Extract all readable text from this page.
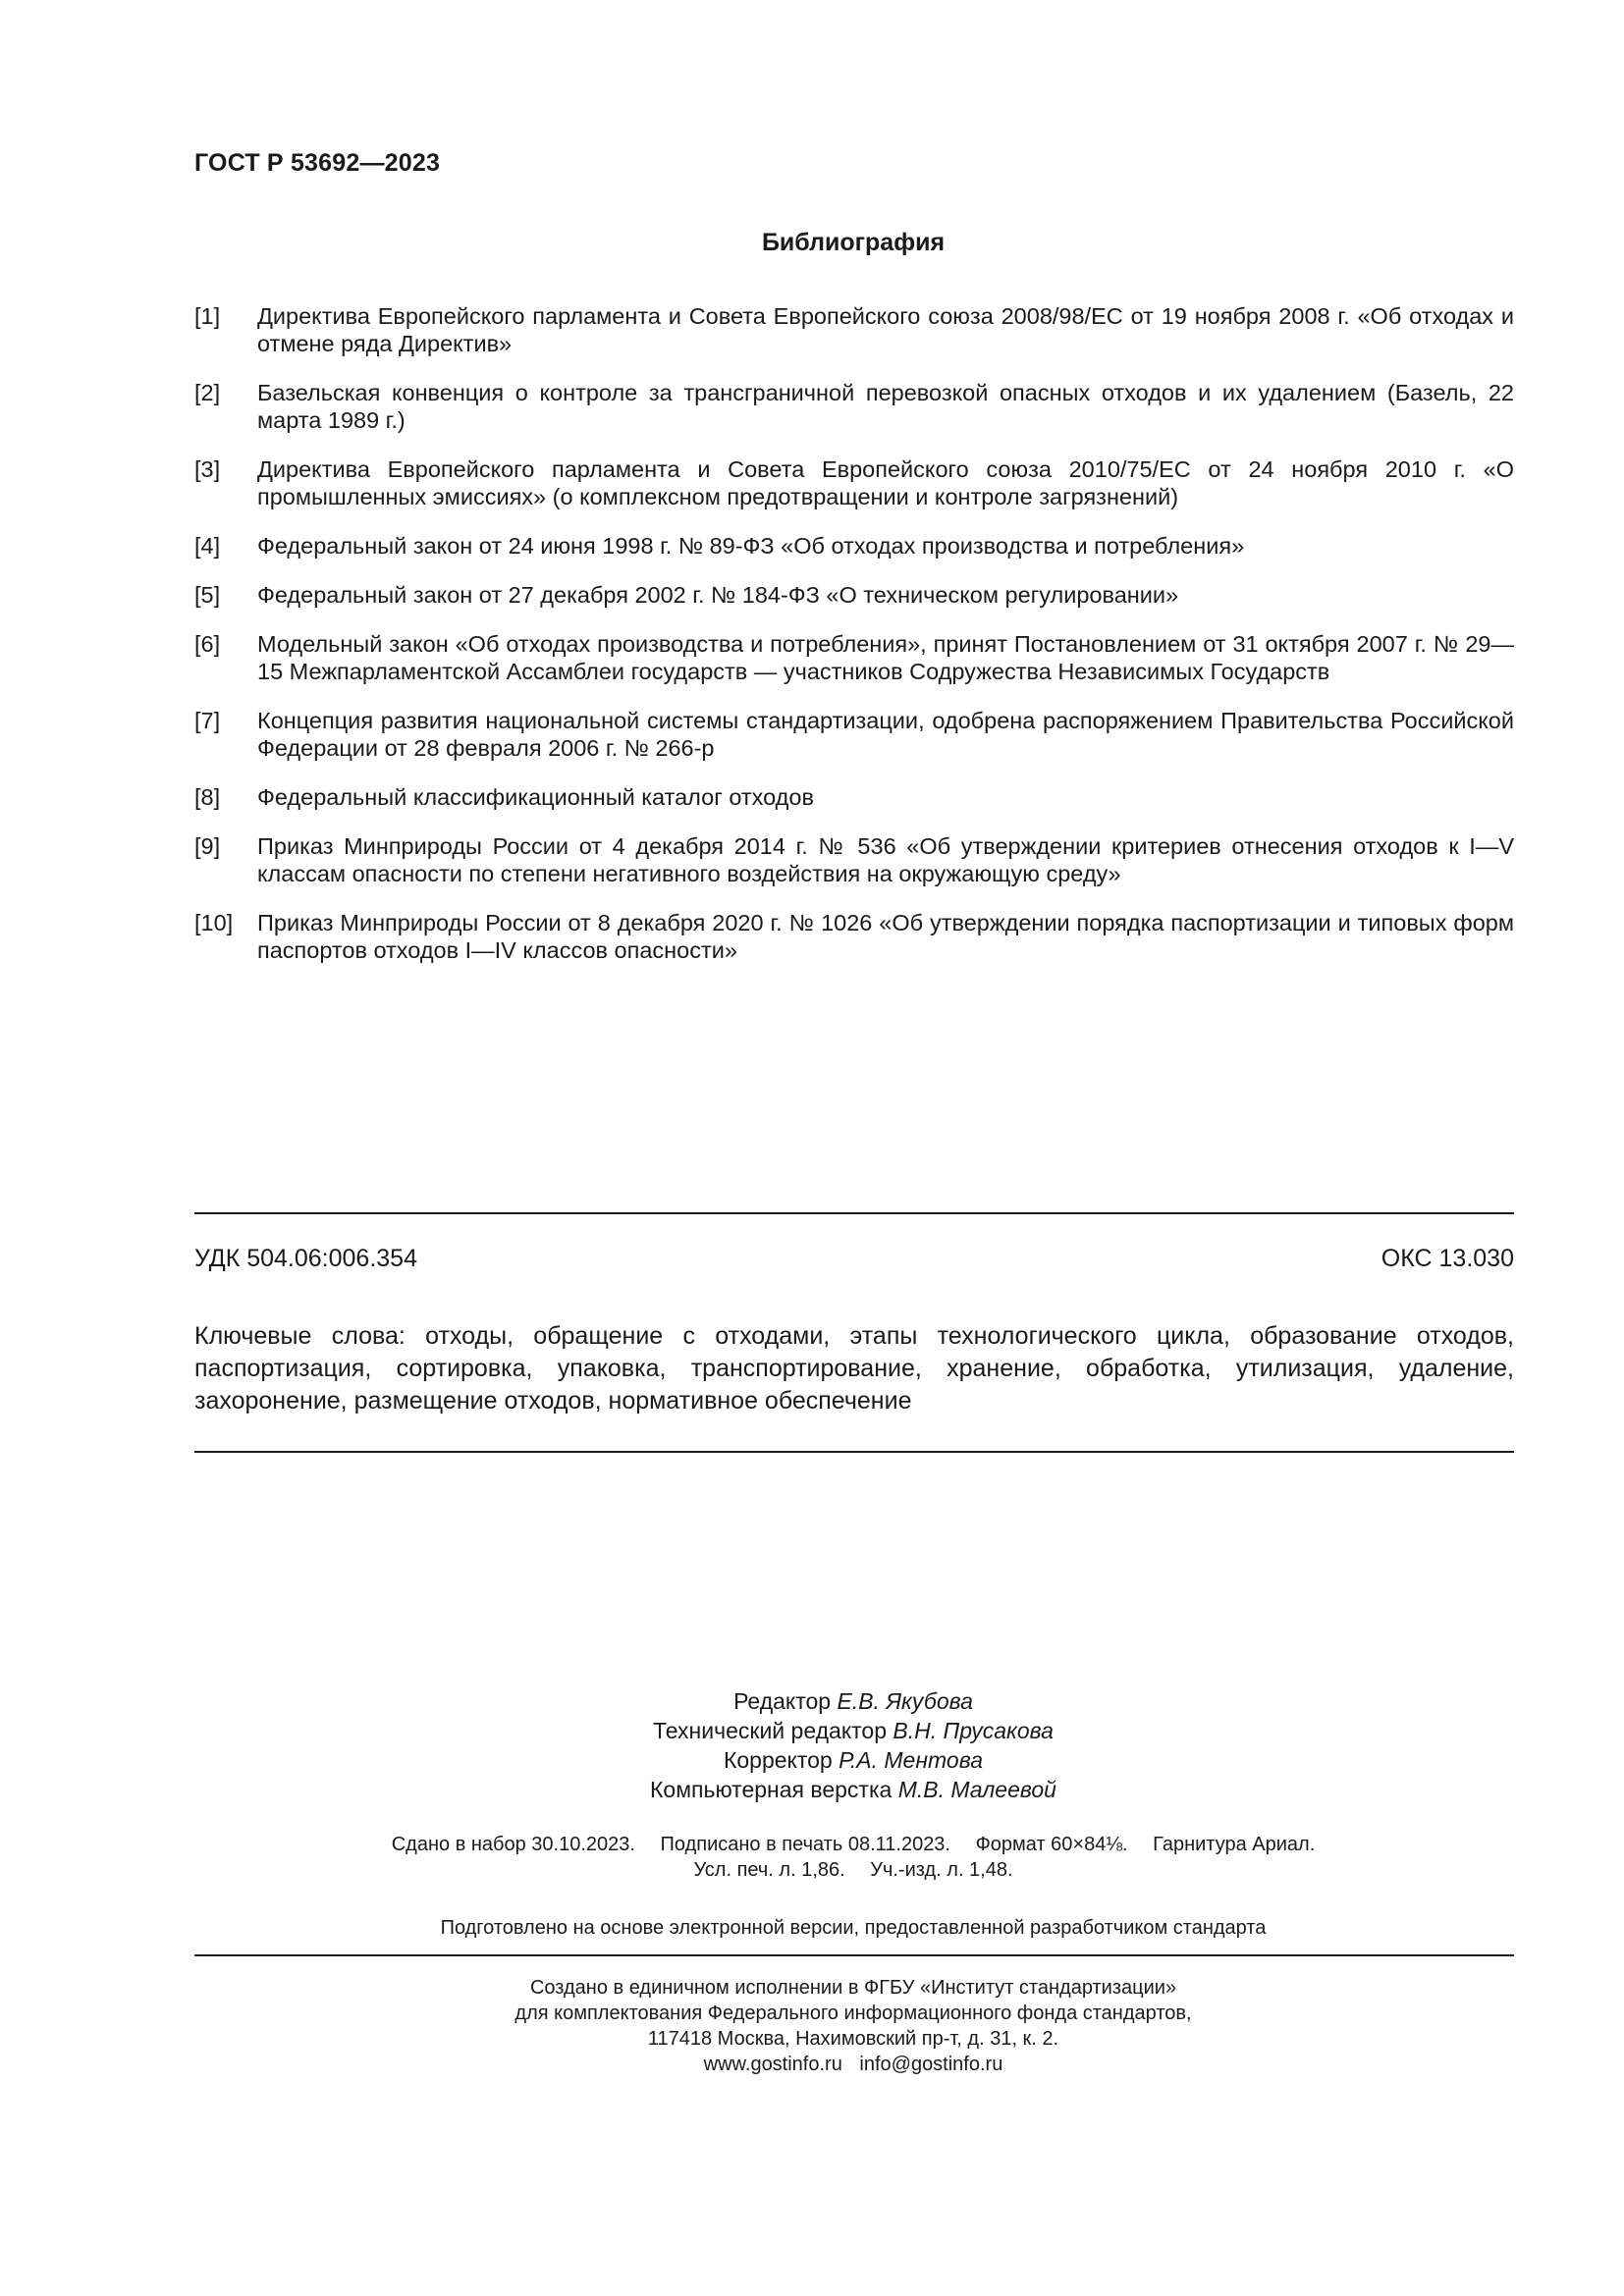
ГОСТ Р 53692—2023
Библиография
[1]	Директива Европейского парламента и Совета Европейского союза 2008/98/ЕС от 19 ноября 2008 г. «Об отходах и отмене ряда Директив»
[2]	Базельская конвенция о контроле за трансграничной перевозкой опасных отходов и их удалением (Базель, 22 марта 1989 г.)
[3]	Директива Европейского парламента и Совета Европейского союза 2010/75/ЕС от 24 ноября 2010 г. «О промышленных эмиссиях» (о комплексном предотвращении и контроле загрязнений)
[4]	Федеральный закон от 24 июня 1998 г. № 89-ФЗ «Об отходах производства и потребления»
[5]	Федеральный закон от 27 декабря 2002 г. № 184-ФЗ «О техническом регулировании»
[6]	Модельный закон «Об отходах производства и потребления», принят Постановлением от 31 октября 2007 г. № 29—15 Межпарламентской Ассамблеи государств — участников Содружества Независимых Государств
[7]	Концепция развития национальной системы стандартизации, одобрена распоряжением Правительства Российской Федерации от 28 февраля 2006 г. № 266-р
[8]	Федеральный классификационный каталог отходов
[9]	Приказ Минприроды России от 4 декабря 2014 г. № 536 «Об утверждении критериев отнесения отходов к I—V классам опасности по степени негативного воздействия на окружающую среду»
[10]	Приказ Минприроды России от 8 декабря 2020 г. № 1026 «Об утверждении порядка паспортизации и типовых форм паспортов отходов I—IV классов опасности»
УДК 504.06:006.354	ОКС 13.030
Ключевые слова: отходы, обращение с отходами, этапы технологического цикла, образование отходов, паспортизация, сортировка, упаковка, транспортирование, хранение, обработка, утилизация, удаление, захоронение, размещение отходов, нормативное обеспечение
Редактор Е.В. Якубова
Технический редактор В.Н. Прусакова
Корректор Р.А. Ментова
Компьютерная верстка М.В. Малеевой
Сдано в набор 30.10.2023. Подписано в печать 08.11.2023. Формат 60×84⅛. Гарнитура Ариал.
Усл. печ. л. 1,86. Уч.-изд. л. 1,48.
Подготовлено на основе электронной версии, предоставленной разработчиком стандарта
Создано в единичном исполнении в ФГБУ «Институт стандартизации»
для комплектования Федерального информационного фонда стандартов,
117418 Москва, Нахимовский пр-т, д. 31, к. 2.
www.gostinfo.ru info@gostinfo.ru
